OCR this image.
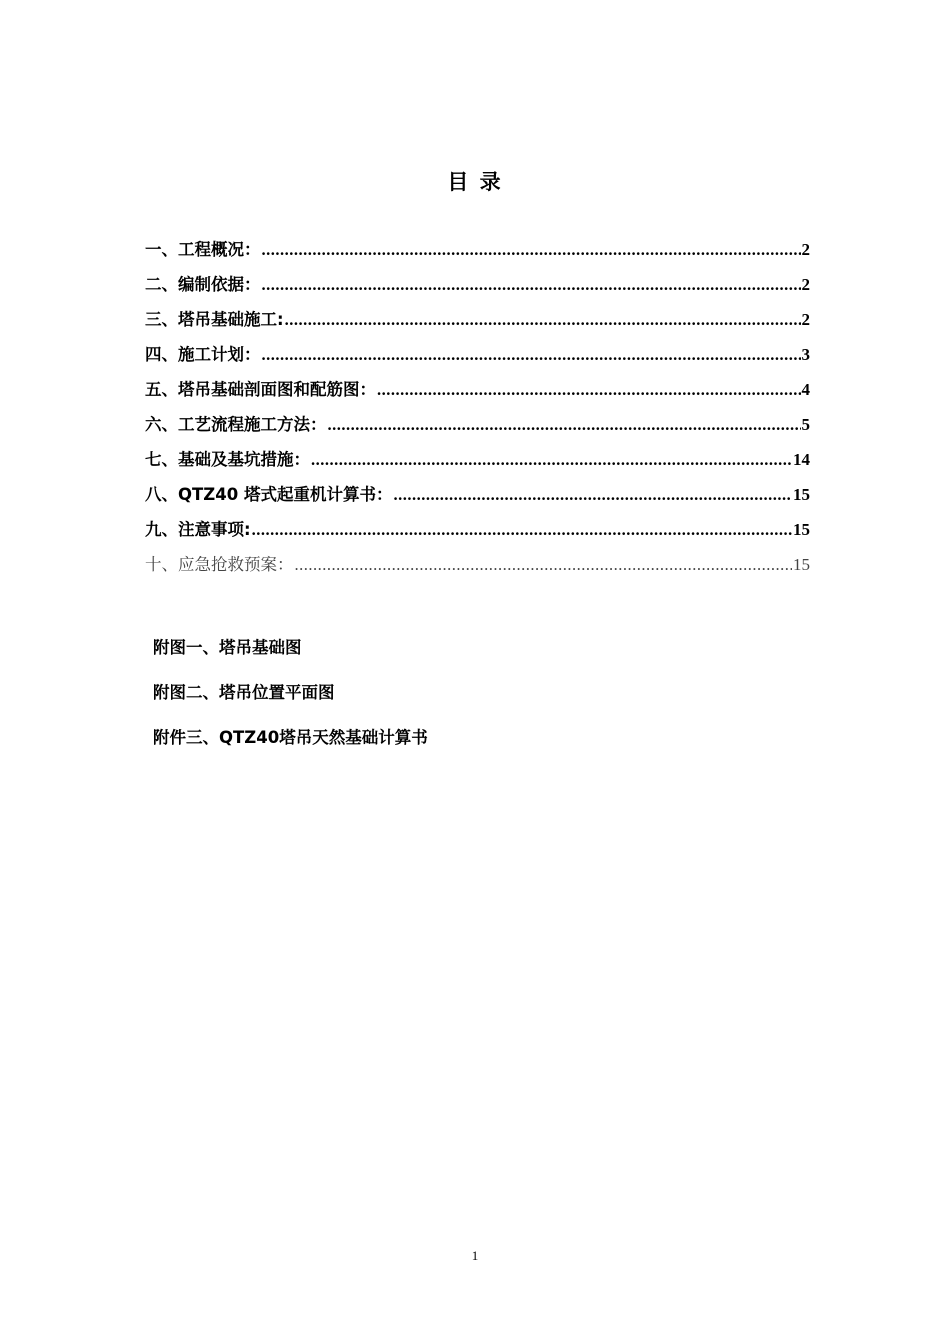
目 录
一、工程概况： .....	2
二、编制依据： .....	2
三、塔吊基础施工: .....	2
四、施工计划： .....	3
五、塔吊基础剖面图和配筋图： .....	4
六、工艺流程施工方法： .....	5
七、基础及基坑措施： .....	14
八、QTZ40 塔式起重机计算书： .....	15
九、注意事项: .....	15
十、应急抢救预案： .....	15
附图一、塔吊基础图
附图二、塔吊位置平面图
附件三、QTZ40塔吊天然基础计算书
1
